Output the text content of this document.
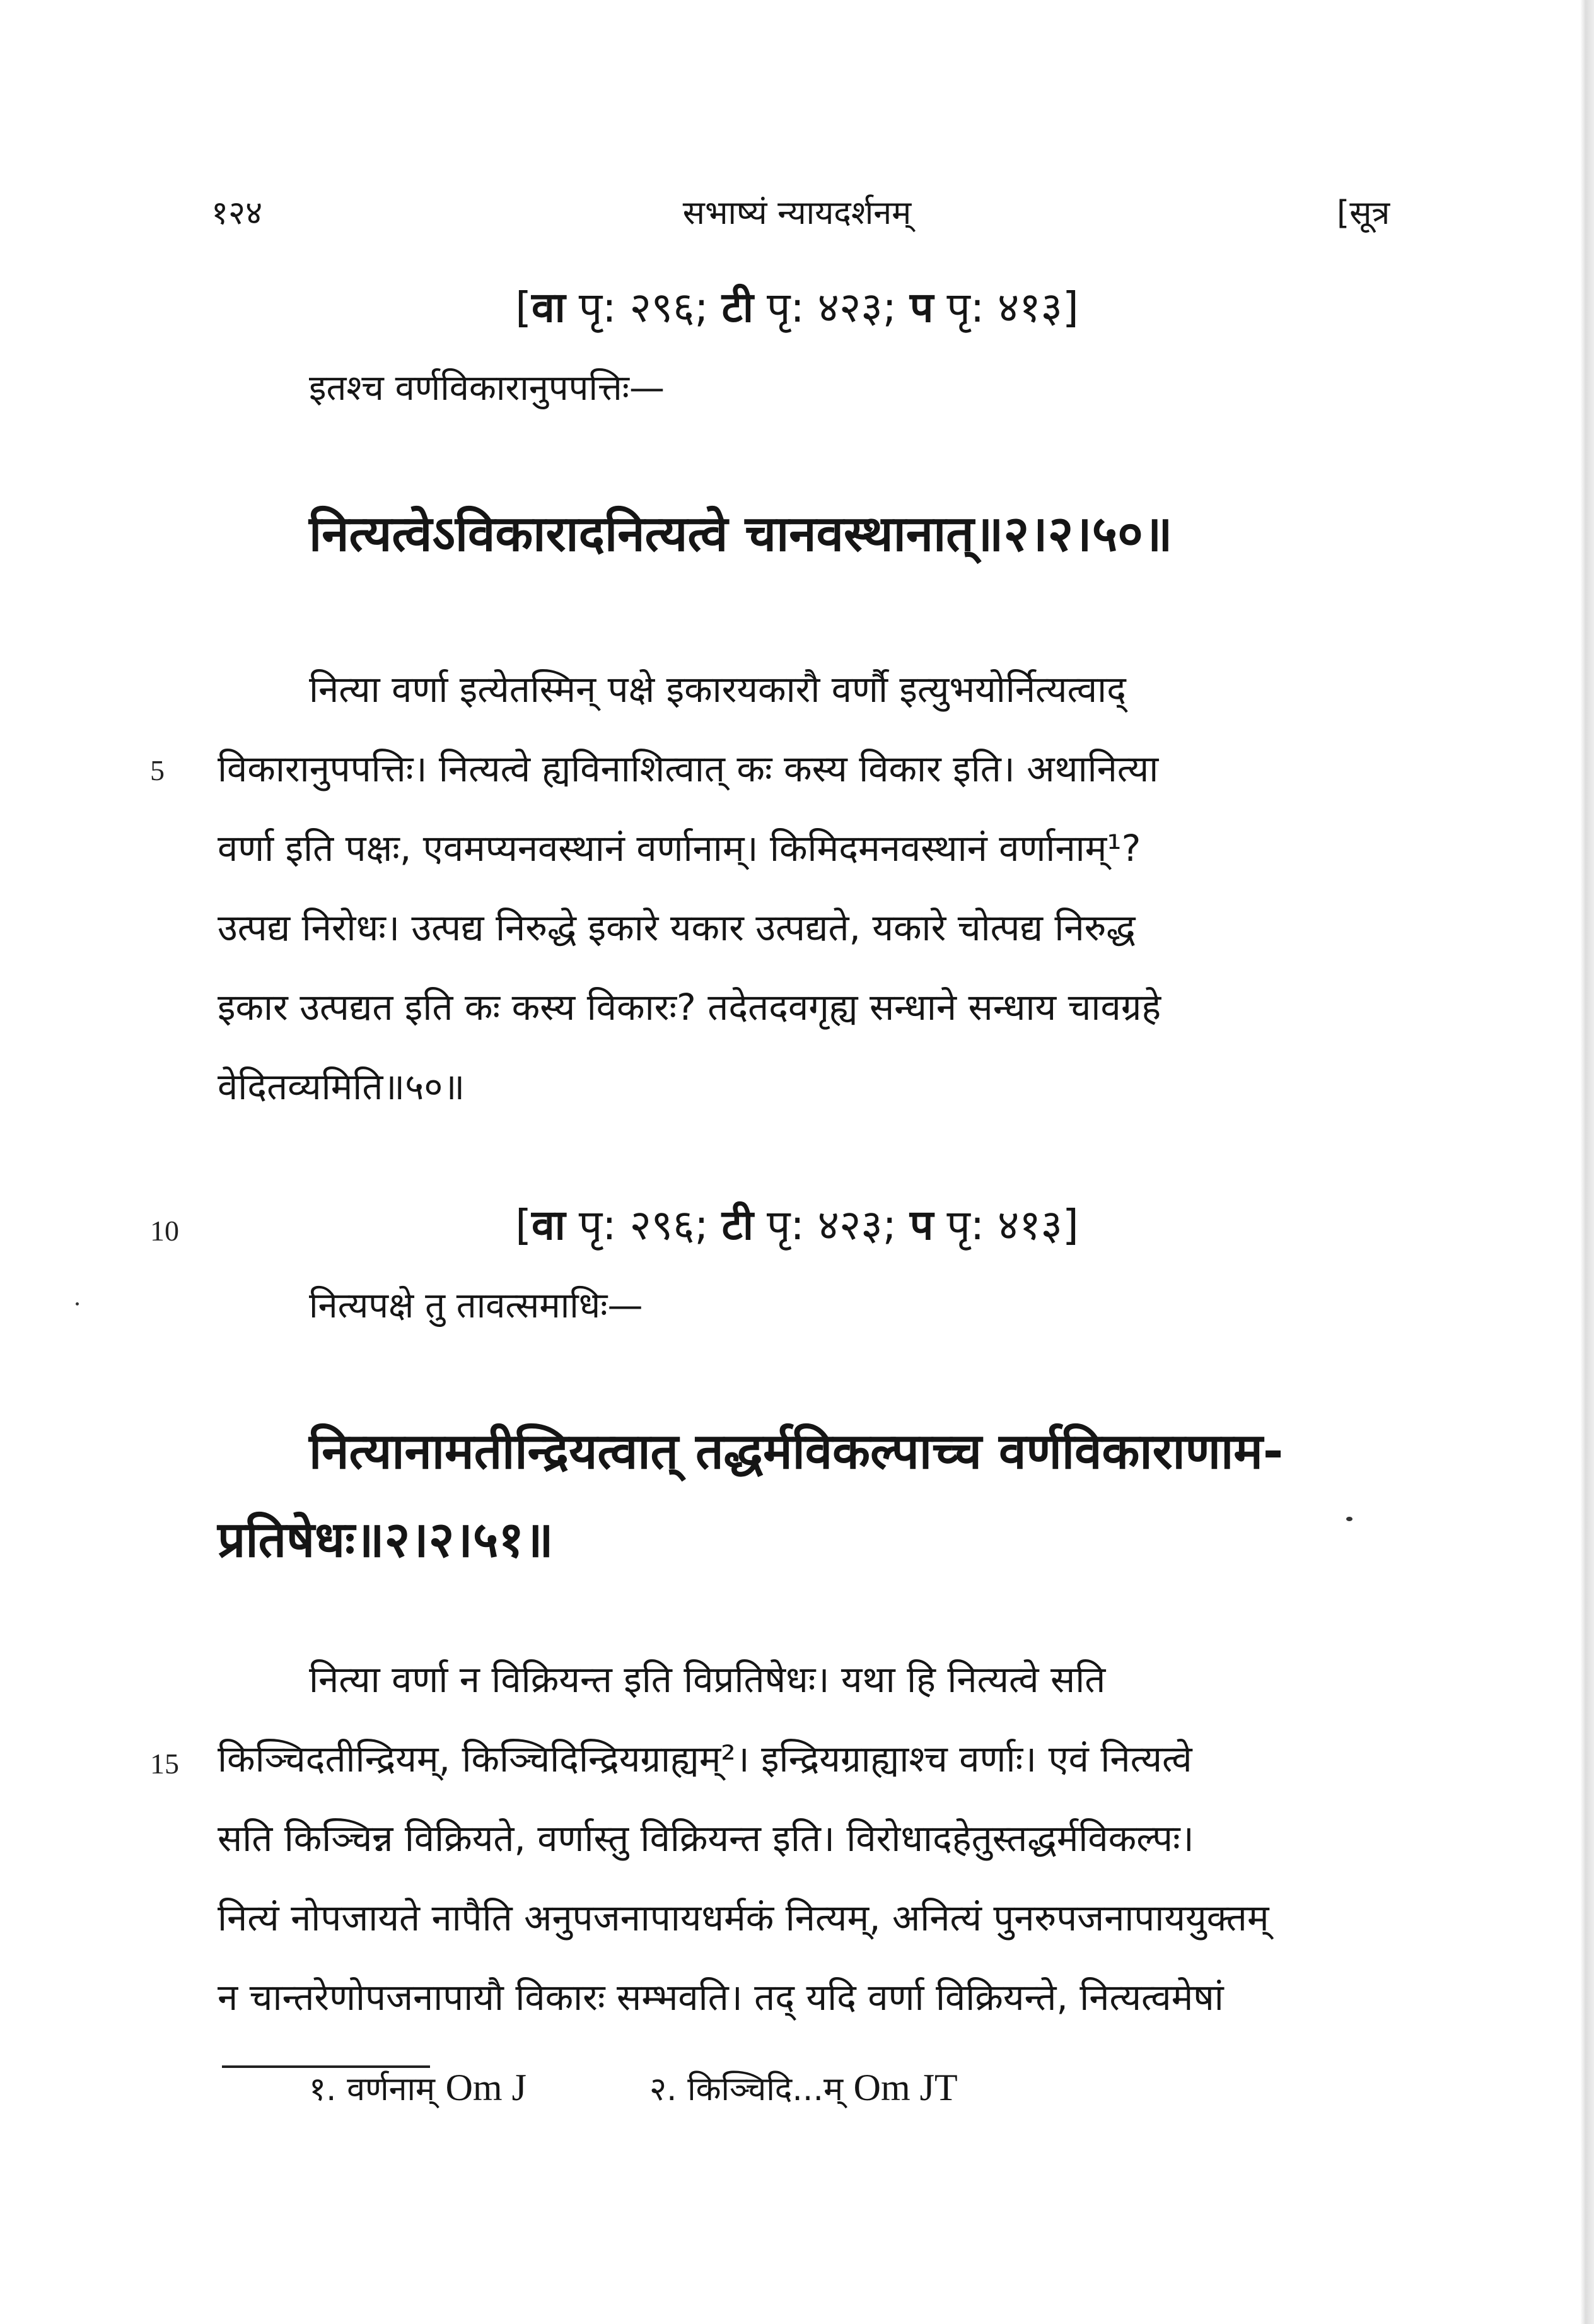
१२४	सभाष्यं न्यायदर्शनम्	[सूत्र
[वा पृ: २९६; टी पृ: ४२३; प पृ: ४१३]
इतश्च वर्णविकारानुपपत्तिः—
नित्यत्वेऽविकारादनित्यत्वे चानवस्थानात्॥२।२।५०॥
नित्या वर्णा इत्येतस्मिन् पक्षे इकारयकारौ वर्णौ इत्युभयोर्नित्यत्वाद्
विकारानुपपत्तिः। नित्यत्वे ह्यविनाशित्वात् कः कस्य विकार इति। अथानित्या
वर्णा इति पक्षः, एवमप्यनवस्थानं वर्णानाम्। किमिदमनवस्थानं वर्णानाम्¹?
उत्पद्य निरोधः। उत्पद्य निरुद्धे इकारे यकार उत्पद्यते, यकारे चोत्पद्य निरुद्ध
इकार उत्पद्यत इति कः कस्य विकारः? तदेतदवगृह्य सन्धाने सन्धाय चावग्रहे
वेदितव्यमिति॥५०॥
5
10	[वा पृ: २९६; टी पृ: ४२३; प पृ: ४१३]
नित्यपक्षे तु तावत्समाधिः—
नित्यानामतीन्द्रियत्वात् तद्धर्मविकल्पाच्च वर्णविकाराणाम-
प्रतिषेधः॥२।२।५१॥
नित्या वर्णा न विक्रियन्त इति विप्रतिषेधः। यथा हि नित्यत्वे सति
किञ्चिदतीन्द्रियम्, किञ्चिदिन्द्रियग्राह्यम्²। इन्द्रियग्राह्याश्च वर्णाः। एवं नित्यत्वे
सति किञ्चिन्न विक्रियते, वर्णास्तु विक्रियन्त इति। विरोधादहेतुस्तद्धर्मविकल्पः।
नित्यं नोपजायते नापैति अनुपजनापायधर्मकं नित्यम्, अनित्यं पुनरुपजनापाययुक्तम्
न चान्तरेणोपजनापायौ विकारः सम्भवति। तद् यदि वर्णा विक्रियन्ते, नित्यत्वमेषां
15
१. वर्णनाम् Om J	२. किञ्चिदि...म् Om JT
